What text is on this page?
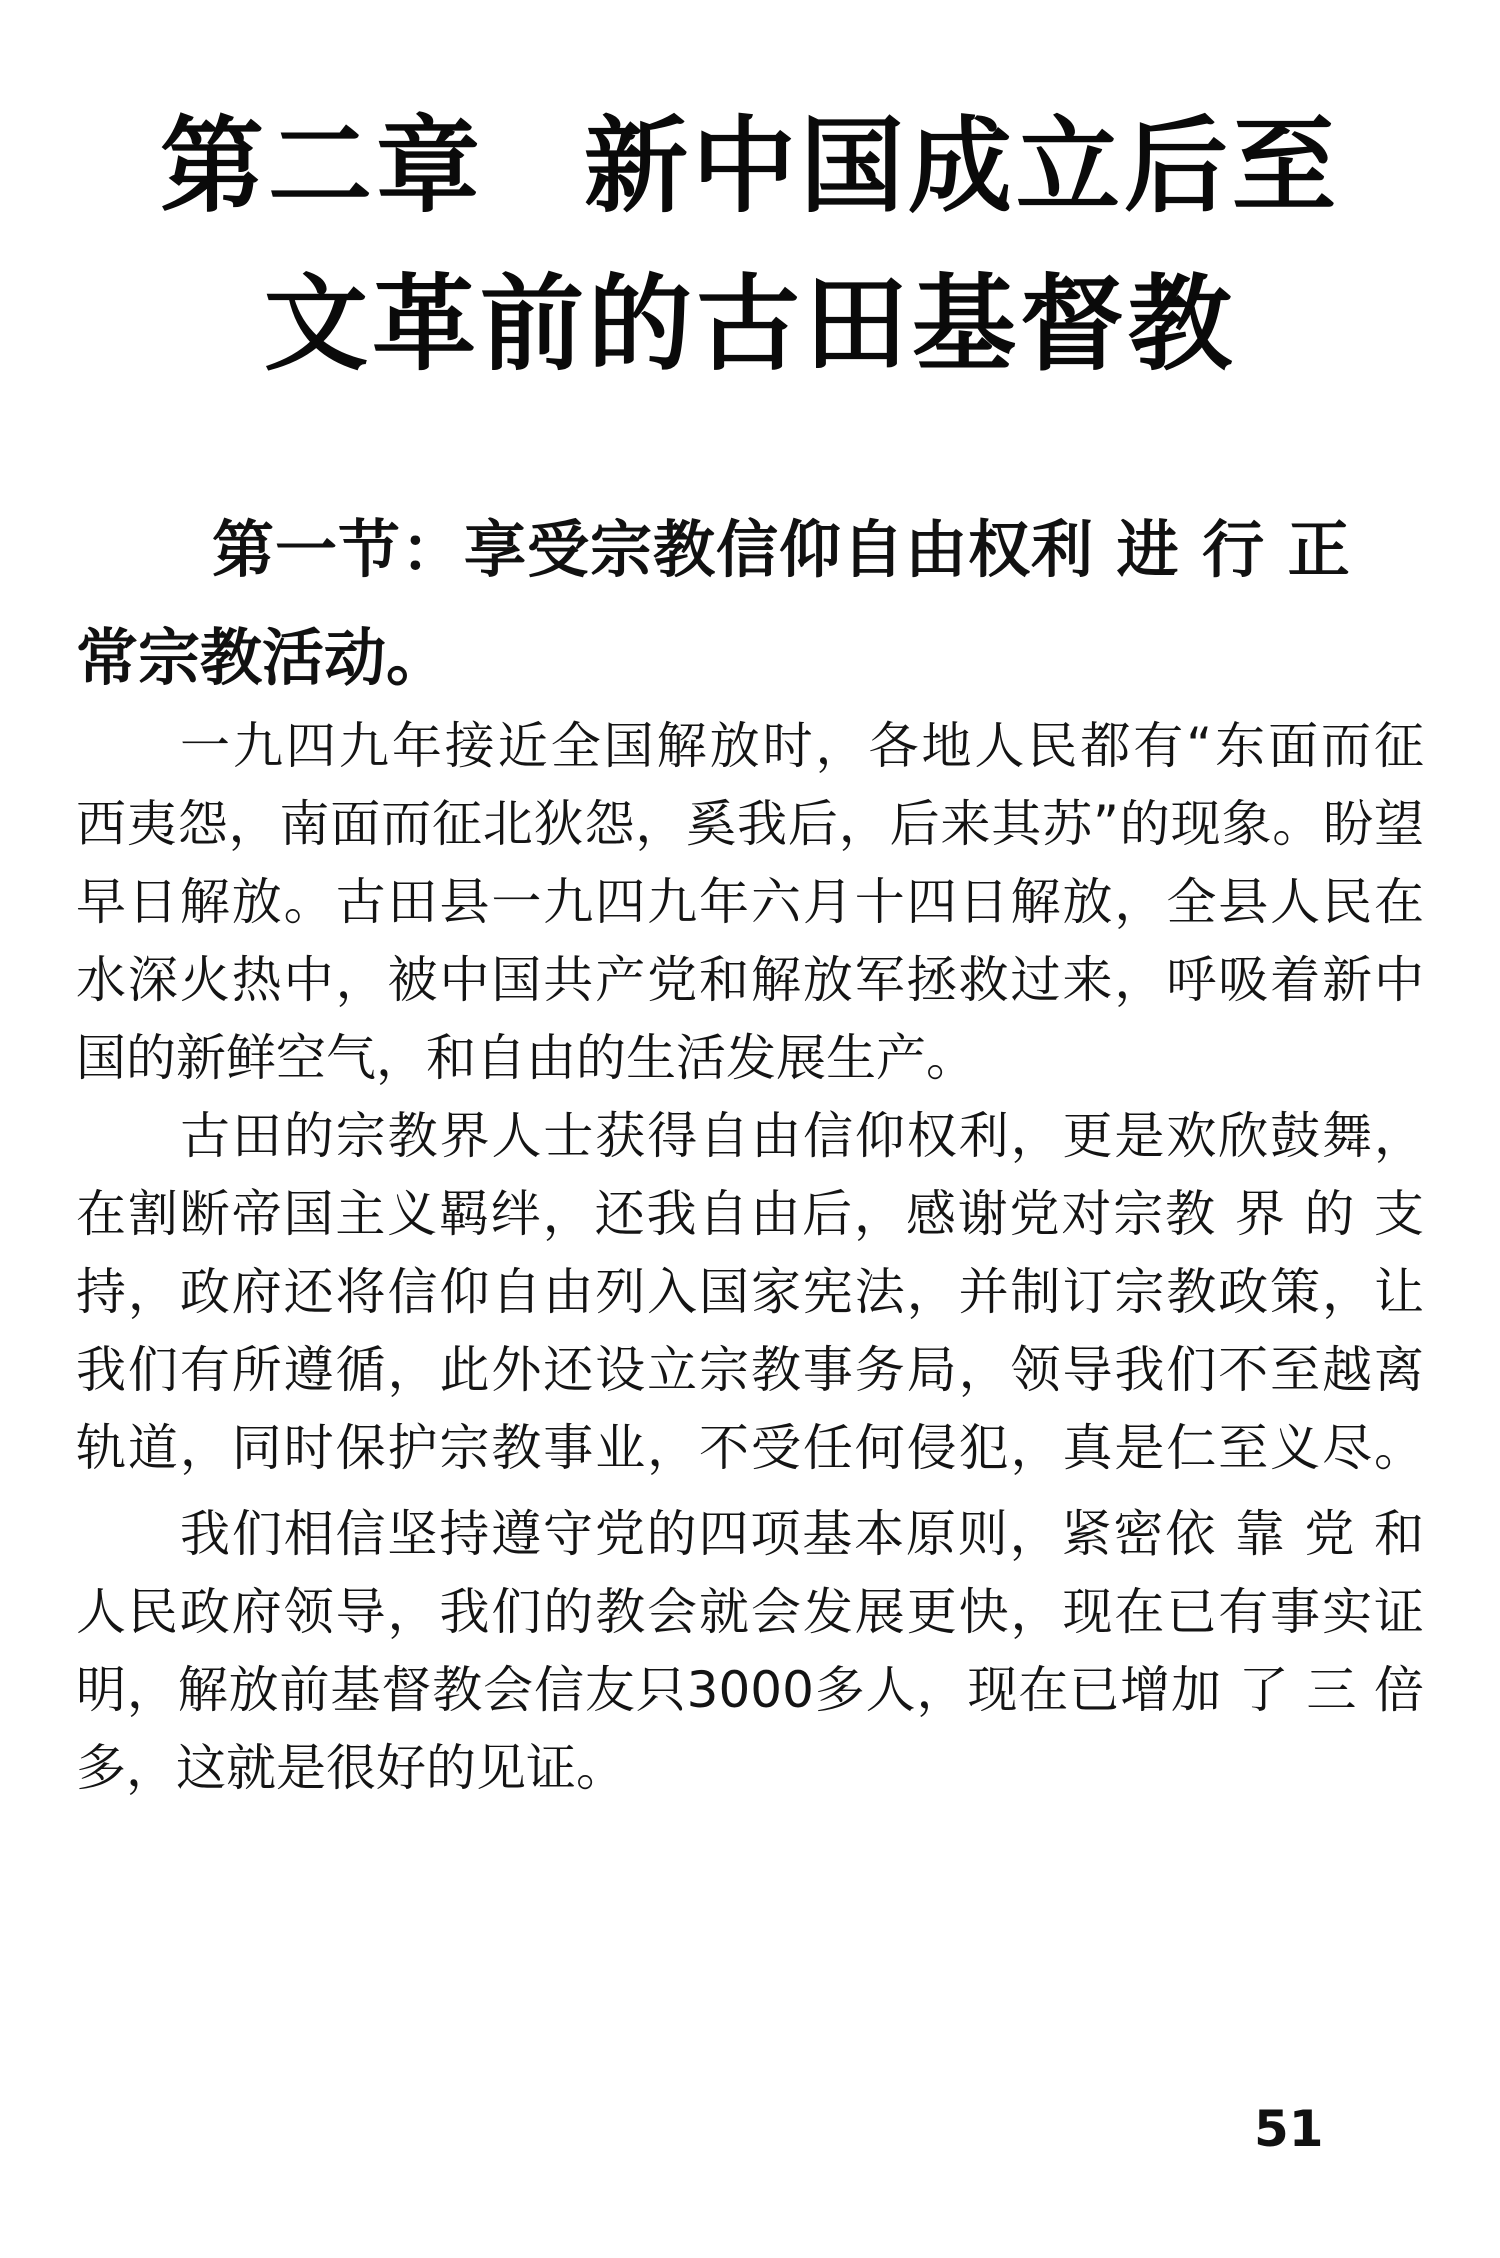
第二章 新中国成立后至
文革前的古田基督教
第一节：享受宗教信仰自由权利 进 行 正
常宗教活动。
一九四九年接近全国解放时，各地人民都有“东面而征
西夷怨，南面而征北狄怨，奚我后，后来其苏”的现象。盼望
早日解放。古田县一九四九年六月十四日解放，全县人民在
水深火热中，被中国共产党和解放军拯救过来，呼吸着新中
国的新鲜空气，和自由的生活发展生产。
古田的宗教界人士获得自由信仰权利，更是欢欣鼓舞，
在割断帝国主义羁绊，还我自由后，感谢党对宗教 界 的 支
持，政府还将信仰自由列入国家宪法，并制订宗教政策，让
我们有所遵循，此外还设立宗教事务局，领导我们不至越离
轨道，同时保护宗教事业，不受任何侵犯，真是仁至义尽。
我们相信坚持遵守党的四项基本原则，紧密依 靠 党 和
人民政府领导，我们的教会就会发展更快，现在已有事实证
明，解放前基督教会信友只3000多人，现在已增加 了 三 倍
多，这就是很好的见证。
51
